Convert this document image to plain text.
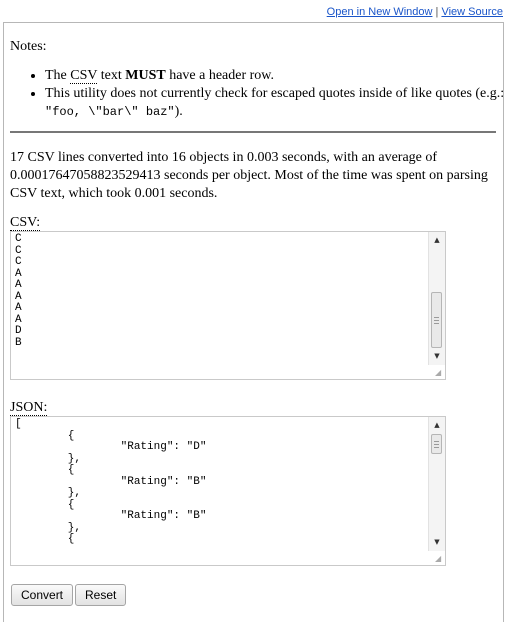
Open in New Window | View Source
Notes:
• The CSV text MUST have a header row.
• This utility does not currently check for escaped quotes inside of like quotes (e.g.: "foo, \"bar\" baz").
17 CSV lines converted into 16 objects in 0.003 seconds, with an average of 0.00017647058823529413 seconds per object. Most of the time was spent on parsing CSV text, which took 0.001 seconds.
CSV:
C
C
C
A
A
A
A
A
D
B
▲
▼
◢
JSON:
[
{
"Rating": "D"
},
{
"Rating": "B"
},
{
"Rating": "B"
},
{
▲
▼
◢
Convert	Reset
